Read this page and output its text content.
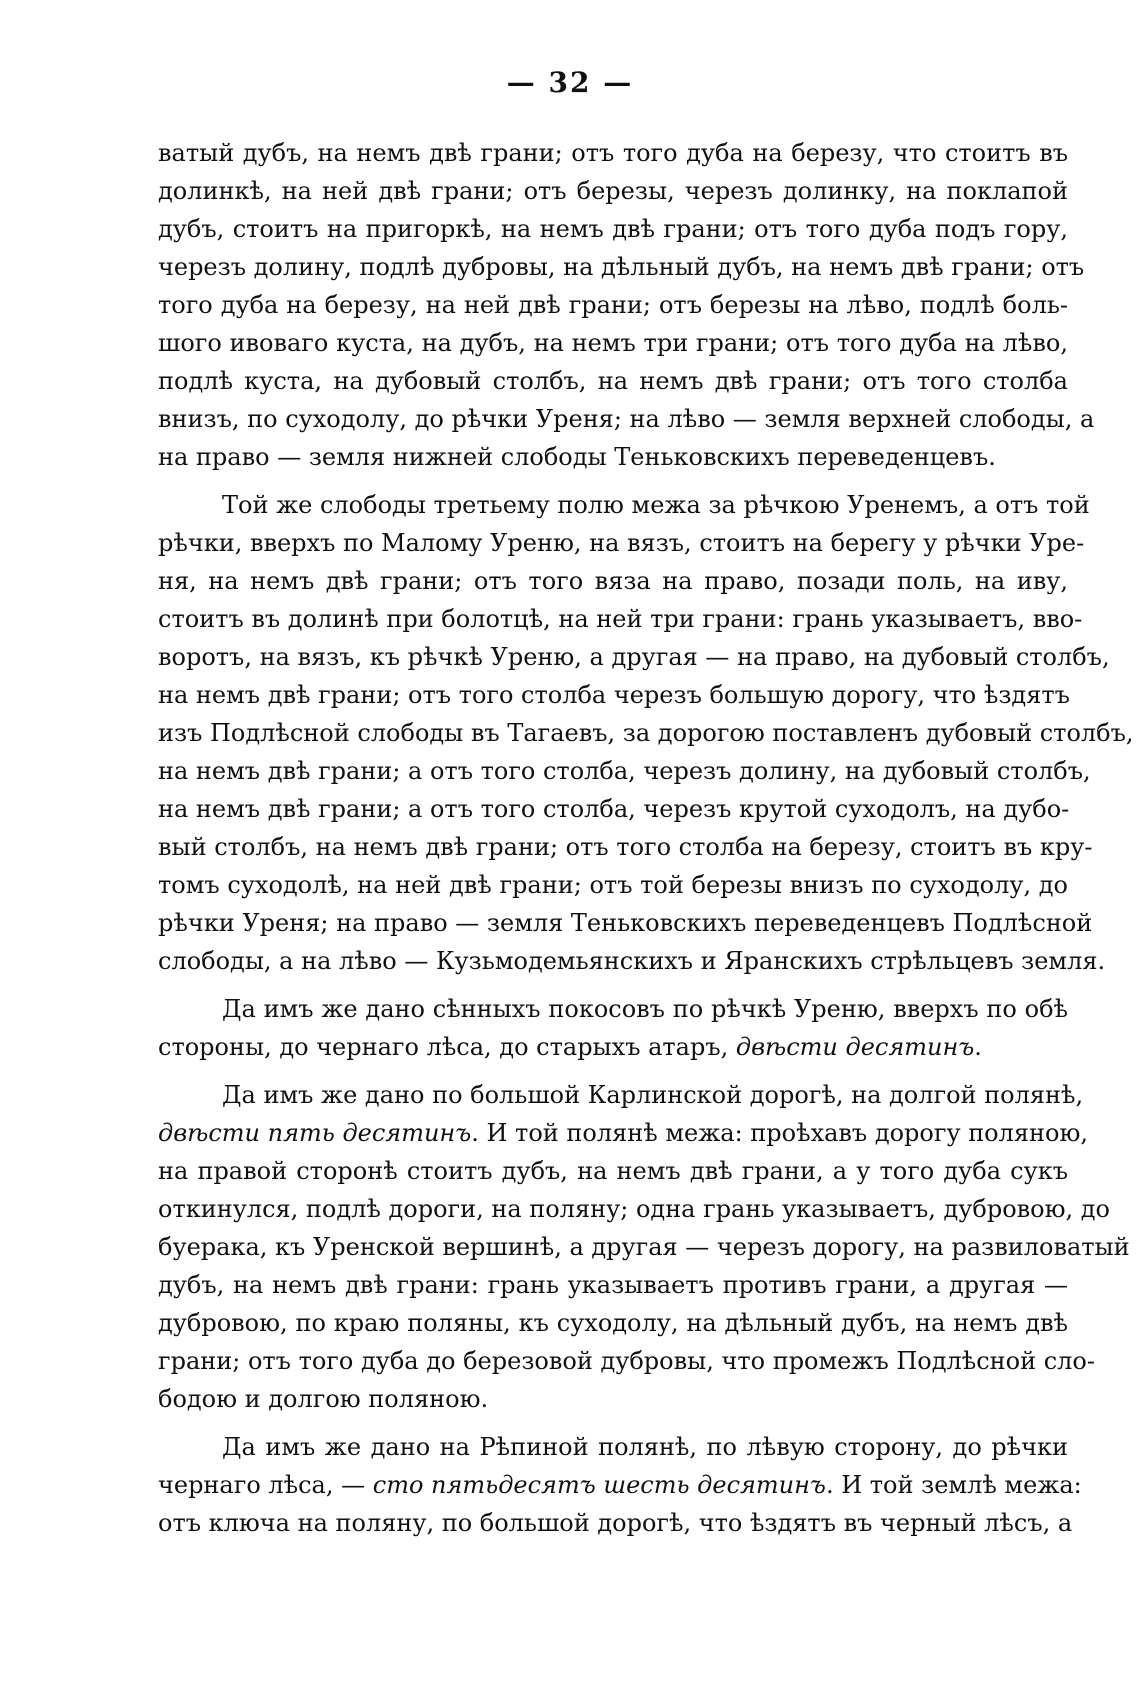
— 32 —
ватый дубъ, на немъ двѣ грани; отъ того дуба на березу, что стоитъ въ
долинкѣ, на ней двѣ грани; отъ березы, черезъ долинку, на поклапой
дубъ, стоитъ на пригоркѣ, на немъ двѣ грани; отъ того дуба подъ гору,
черезъ долину, подлѣ дубровы, на дѣльный дубъ, на немъ двѣ грани; отъ
того дуба на березу, на ней двѣ грани; отъ березы на лѣво, подлѣ боль-
шого ивоваго куста, на дубъ, на немъ три грани; отъ того дуба на лѣво,
подлѣ куста, на дубовый столбъ, на немъ двѣ грани; отъ того столба
внизъ, по суходолу, до рѣчки Уреня; на лѣво — земля верхней слободы, а
на право — земля нижней слободы Теньковскихъ переведенцевъ.
Той же слободы третьему полю межа за рѣчкою Уренемъ, а отъ той
рѣчки, вверхъ по Малому Уреню, на вязъ, стоитъ на берегу у рѣчки Уре-
ня, на немъ двѣ грани; отъ того вяза на право, позади поль, на иву,
стоитъ въ долинѣ при болотцѣ, на ней три грани: грань указываетъ, вво-
воротъ, на вязъ, къ рѣчкѣ Уреню, а другая — на право, на дубовый столбъ,
на немъ двѣ грани; отъ того столба черезъ большую дорогу, что ѣздятъ
изъ Подлѣсной слободы въ Тагаевъ, за дорогою поставленъ дубовый столбъ,
на немъ двѣ грани; а отъ того столба, черезъ долину, на дубовый столбъ,
на немъ двѣ грани; а отъ того столба, черезъ крутой суходолъ, на дубо-
вый столбъ, на немъ двѣ грани; отъ того столба на березу, стоитъ въ кру-
томъ суходолѣ, на ней двѣ грани; отъ той березы внизъ по суходолу, до
рѣчки Уреня; на право — земля Теньковскихъ переведенцевъ Подлѣсной
слободы, а на лѣво — Кузьмодемьянскихъ и Яранскихъ стрѣльцевъ земля.
Да имъ же дано сѣнныхъ покосовъ по рѣчкѣ Уреню, вверхъ по обѣ
стороны, до чернаго лѣса, до старыхъ атаръ, двѣсти десятинъ.
Да имъ же дано по большой Карлинской дорогѣ, на долгой полянѣ,
двѣсти пять десятинъ. И той полянѣ межа: проѣхавъ дорогу поляною,
на правой сторонѣ стоитъ дубъ, на немъ двѣ грани, а у того дуба сукъ
откинулся, подлѣ дороги, на поляну; одна грань указываетъ, дубровою, до
буерака, къ Уренской вершинѣ, а другая — черезъ дорогу, на развиловатый
дубъ, на немъ двѣ грани: грань указываетъ противъ грани, а другая —
дубровою, по краю поляны, къ суходолу, на дѣльный дубъ, на немъ двѣ
грани; отъ того дуба до березовой дубровы, что промежъ Подлѣсной сло-
бодою и долгою поляною.
Да имъ же дано на Рѣпиной полянѣ, по лѣвую сторону, до рѣчки
чернаго лѣса, — сто пятьдесятъ шесть десятинъ. И той землѣ межа:
отъ ключа на поляну, по большой дорогѣ, что ѣздятъ въ черный лѣсъ, а
